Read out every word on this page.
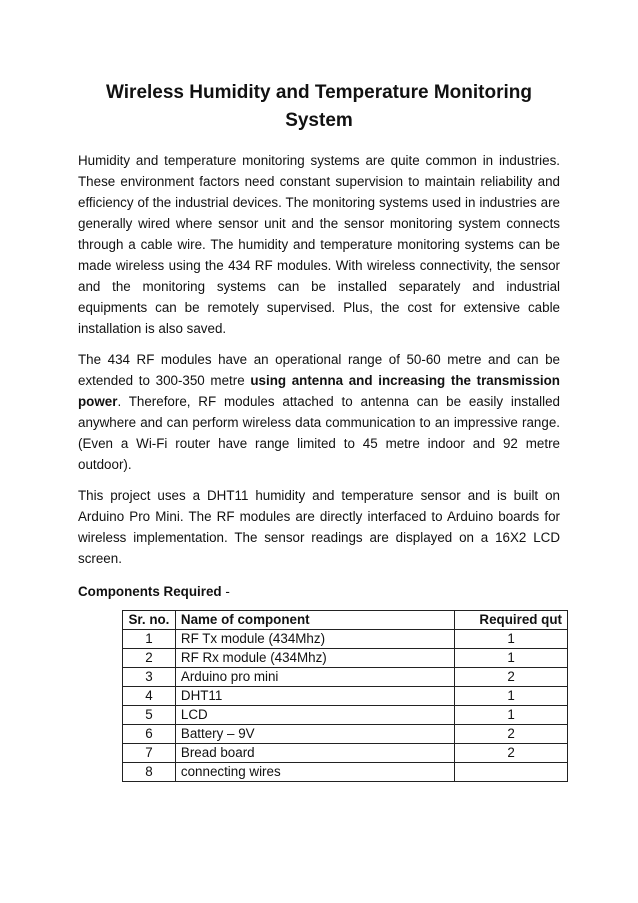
Wireless Humidity and Temperature Monitoring
System

Humidity and temperature monitoring systems are quite common in industries. These environment factors need constant supervision to maintain reliability and efficiency of the industrial devices. The monitoring systems used in industries are generally wired where sensor unit and the sensor monitoring system connects through a cable wire. The humidity and temperature monitoring systems can be made wireless using the 434 RF modules. With wireless connectivity, the sensor and the monitoring systems can be installed separately and industrial equipments can be remotely supervised. Plus, the cost for extensive cable installation is also saved.

The 434 RF modules have an operational range of 50-60 metre and can be extended to 300-350 metre using antenna and increasing the transmission power. Therefore, RF modules attached to antenna can be easily installed anywhere and can perform wireless data communication to an impressive range. (Even a Wi-Fi router have range limited to 45 metre indoor and 92 metre outdoor).

This project uses a DHT11 humidity and temperature sensor and is built on Arduino Pro Mini. The RF modules are directly interfaced to Arduino boards for wireless implementation. The sensor readings are displayed on a 16X2 LCD screen.

Components Required -

Sr. no.	Name of component	Required qut
1	RF Tx module (434Mhz)	1
2	RF Rx module (434Mhz)	1
3	Arduino pro mini	2
4	DHT11	1
5	LCD	1
6	Battery – 9V	2
7	Bread board	2
8	connecting wires	
